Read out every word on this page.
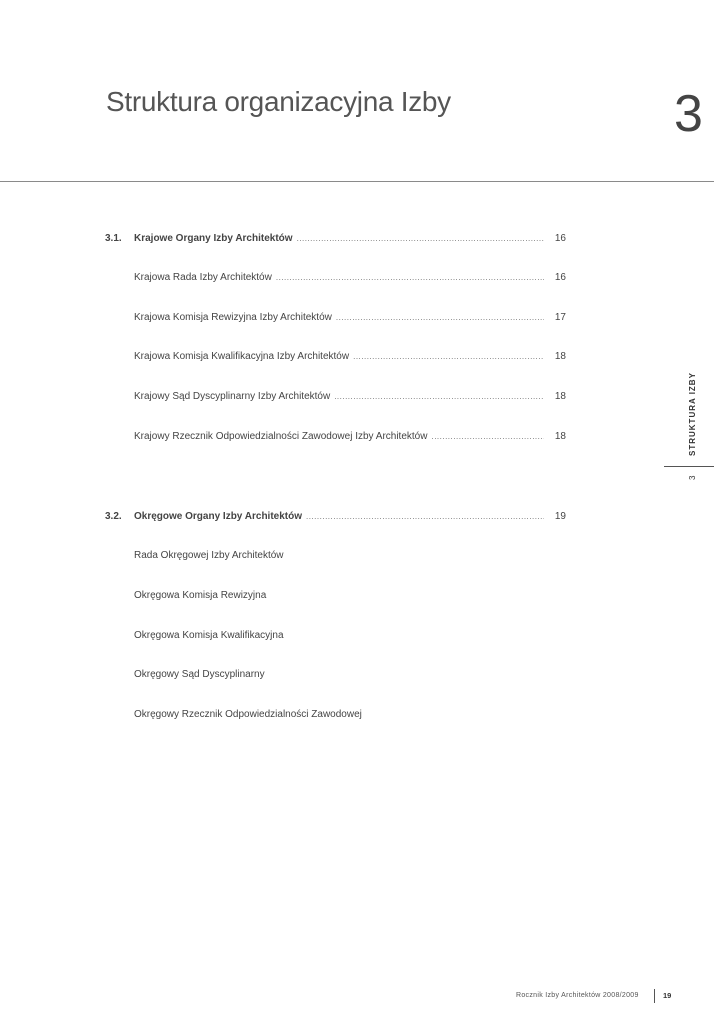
Struktura organizacyjna Izby	3
3.1. Krajowe Organy Izby Architektów .....	16
Krajowa Rada Izby Architektów .....	16
Krajowa Komisja Rewizyjna Izby Architektów .....	17
Krajowa Komisja Kwalifikacyjna Izby Architektów .....	18
Krajowy Sąd Dyscyplinarny Izby Architektów .....	18
Krajowy Rzecznik Odpowiedzialności Zawodowej Izby Architektów .....	18
3.2. Okręgowe Organy Izby Architektów .....	19
Rada Okręgowej Izby Architektów
Okręgowa Komisja Rewizyjna
Okręgowa Komisja Kwalifikacyjna
Okręgowy Sąd Dyscyplinarny
Okręgowy Rzecznik Odpowiedzialności Zawodowej
STRUKTURA IZBY
3
Rocznik Izby Architektów 2008/2009	19
